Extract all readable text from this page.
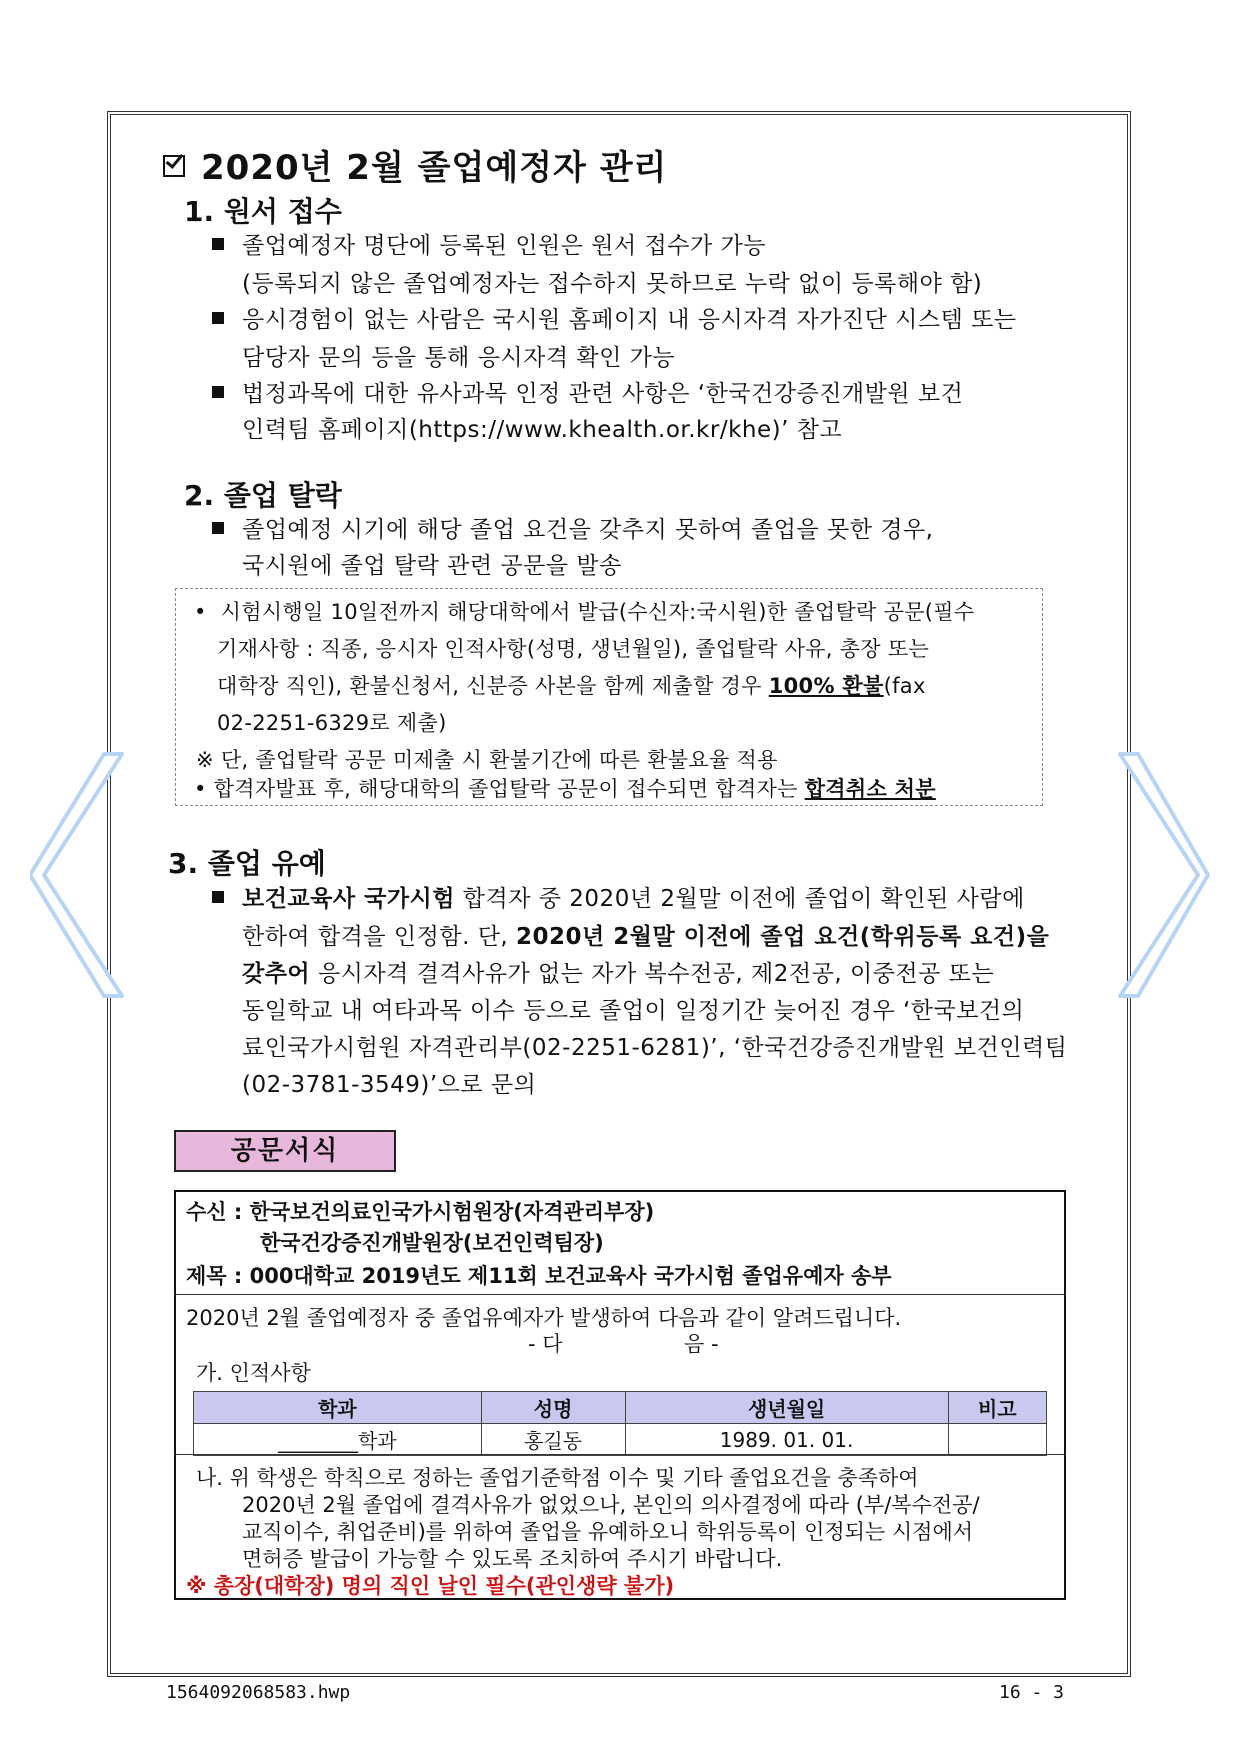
2020년 2월 졸업예정자 관리
1. 원서 접수
졸업예정자 명단에 등록된 인원은 원서 접수가 가능
(등록되지 않은 졸업예정자는 접수하지 못하므로 누락 없이 등록해야 함)
응시경험이 없는 사람은 국시원 홈페이지 내 응시자격 자가진단 시스템 또는
담당자 문의 등을 통해 응시자격 확인 가능
법정과목에 대한 유사과목 인정 관련 사항은 ‘한국건강증진개발원 보건
인력팀 홈페이지(https://www.khealth.or.kr/khe)’ 참고
2. 졸업 탈락
졸업예정 시기에 해당 졸업 요건을 갖추지 못하여 졸업을 못한 경우,
국시원에 졸업 탈락 관련 공문을 발송
•  시험시행일 10일전까지 해당대학에서 발급(수신자:국시원)한 졸업탈락 공문(필수
기재사항 : 직종, 응시자 인적사항(성명, 생년월일), 졸업탈락 사유, 총장 또는
대학장 직인), 환불신청서, 신분증 사본을 함께 제출할 경우 100% 환불(fax
02-2251-6329로 제출)
※ 단, 졸업탈락 공문 미제출 시 환불기간에 따른 환불요율 적용
• 합격자발표 후, 해당대학의 졸업탈락 공문이 접수되면 합격자는 합격취소 처분
3. 졸업 유예
보건교육사 국가시험 합격자 중 2020년 2월말 이전에 졸업이 확인된 사람에
한하여 합격을 인정함. 단, 2020년 2월말 이전에 졸업 요건(학위등록 요건)을
갖추어 응시자격 결격사유가 없는 자가 복수전공, 제2전공, 이중전공 또는
동일학교 내 여타과목 이수 등으로 졸업이 일정기간 늦어진 경우 ‘한국보건의
료인국가시험원 자격관리부(02-2251-6281)’, ‘한국건강증진개발원 보건인력팀
(02-3781-3549)’으로 문의
공문서식
수신 : 한국보건의료인국가시험원장(자격관리부장)
한국건강증진개발원장(보건인력팀장)
제목 : 000대학교 2019년도 제11회 보건교육사 국가시험 졸업유예자 송부
2020년 2월 졸업예정자 중 졸업유예자가 발생하여 다음과 같이 알려드립니다.
- 다	음 -
가. 인적사항
학과	성명	생년월일	비고
________학과	홍길동	1989. 01. 01.	
나. 위 학생은 학칙으로 정하는 졸업기준학점 이수 및 기타 졸업요건을 충족하여
2020년 2월 졸업에 결격사유가 없었으나, 본인의 의사결정에 따라 (부/복수전공/
교직이수, 취업준비)를 위하여 졸업을 유예하오니 학위등록이 인정되는 시점에서
면허증 발급이 가능할 수 있도록 조치하여 주시기 바랍니다.
※ 총장(대학장) 명의 직인 날인 필수(관인생략 불가)
1564092068583.hwp	16 - 3
